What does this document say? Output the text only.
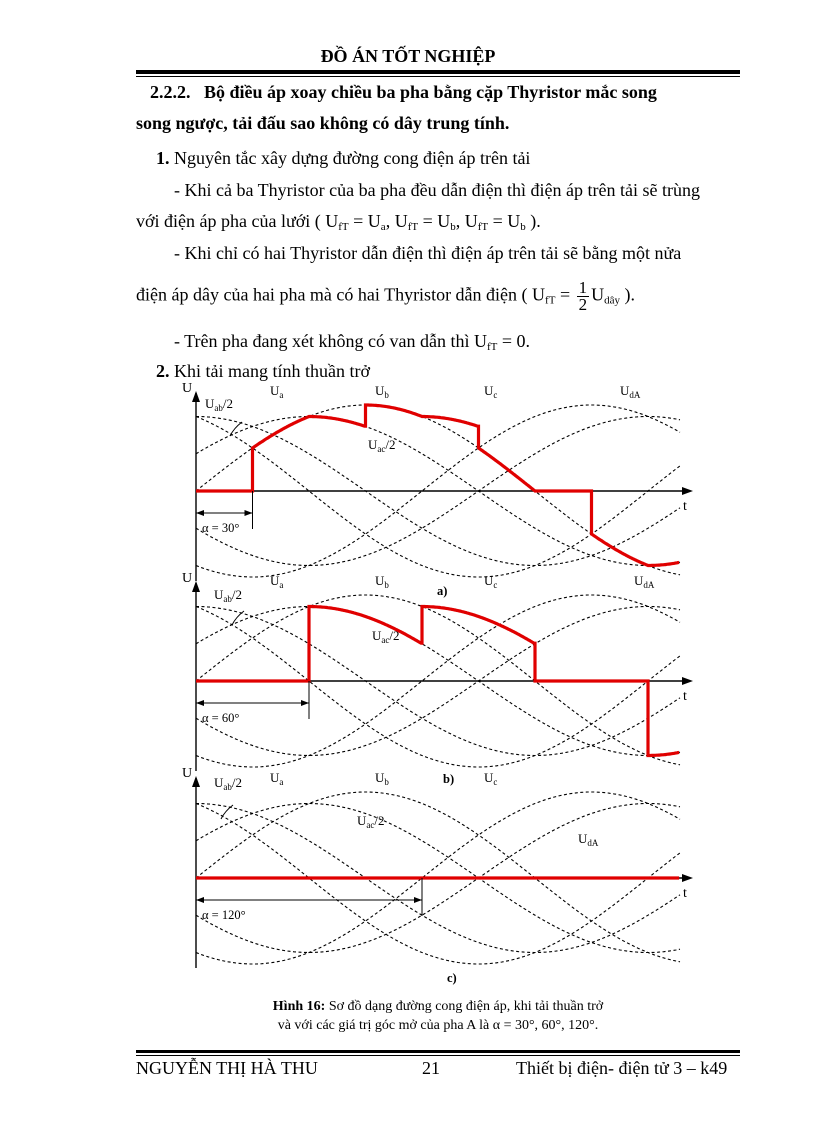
ĐỒ ÁN TỐT NGHIỆP
2.2.2. Bộ điều áp xoay chiều ba pha bằng cặp Thyristor mắc song
song ngược, tải đấu sao không có dây trung tính.
1. Nguyên tắc xây dựng đường cong điện áp trên tải
- Khi cả ba Thyristor của ba pha đều dẫn điện thì điện áp trên tải sẽ trùng
với điện áp pha của lưới ( $U_{fT} = U_a$, $U_{fT} = U_b$, $U_{fT} = U_b$ ).
- Khi chỉ có hai Thyristor dẫn điện thì điện áp trên tải sẽ bằng một nửa
điện áp dây của hai pha mà có hai Thyristor dẫn điện ( $U_{fT} = \frac{1}{2} U_{dây}$ ).
- Trên pha đang xét không có van dẫn thì $U_{fT} = 0$.
2. Khi tải mang tính thuần trở
U
t
α = 30°
$U_a$	$U_b$	$U_c$	$U_{dA}$
$U_{ab}/2$
$U_{ac}/2$
a)
U
t
α = 60°
$U_a$	$U_b$	$U_c$	$U_{dA}$
$U_{ab}/2$
$U_{ac}/2$
b)
U
t
α = 120°
$U_a$	$U_b$	$U_c$
$U_{dA}$
$U_{ab}/2$
$U_{ac}/2$
c)
Hình 16: Sơ đồ dạng đường cong điện áp, khi tải thuần trở
và với các giá trị góc mở của pha A là α = 30°, 60°, 120°.
NGUYỄN THỊ HÀ THU	21	Thiết bị điện- điện tử 3 – k49
